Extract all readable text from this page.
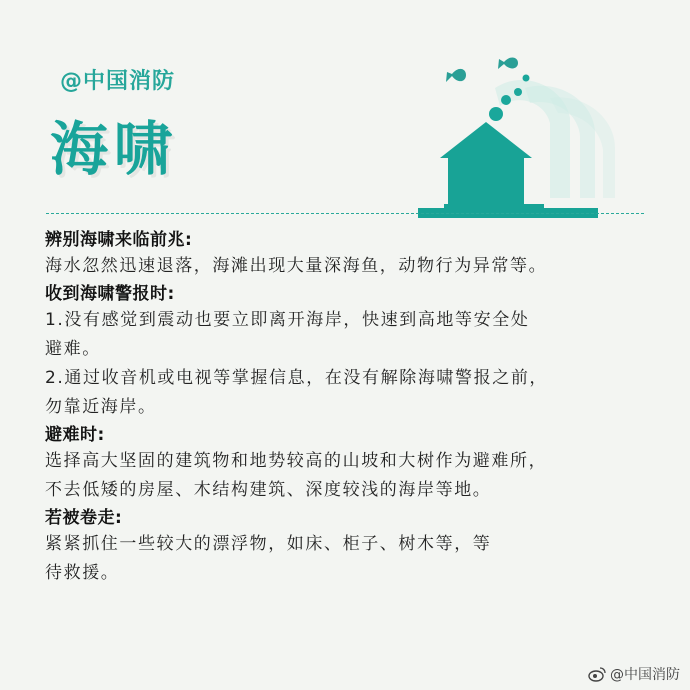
@中国消防
海啸
辨别海啸来临前兆:
海水忽然迅速退落，海滩出现大量深海鱼，动物行为异常等。
收到海啸警报时:
1.没有感觉到震动也要立即离开海岸，快速到高地等安全处
避难。
2.通过收音机或电视等掌握信息，在没有解除海啸警报之前，
勿靠近海岸。
避难时:
选择高大坚固的建筑物和地势较高的山坡和大树作为避难所，
不去低矮的房屋、木结构建筑、深度较浅的海岸等地。
若被卷走:
紧紧抓住一些较大的漂浮物，如床、柜子、树木等，等
待救援。
@中国消防
